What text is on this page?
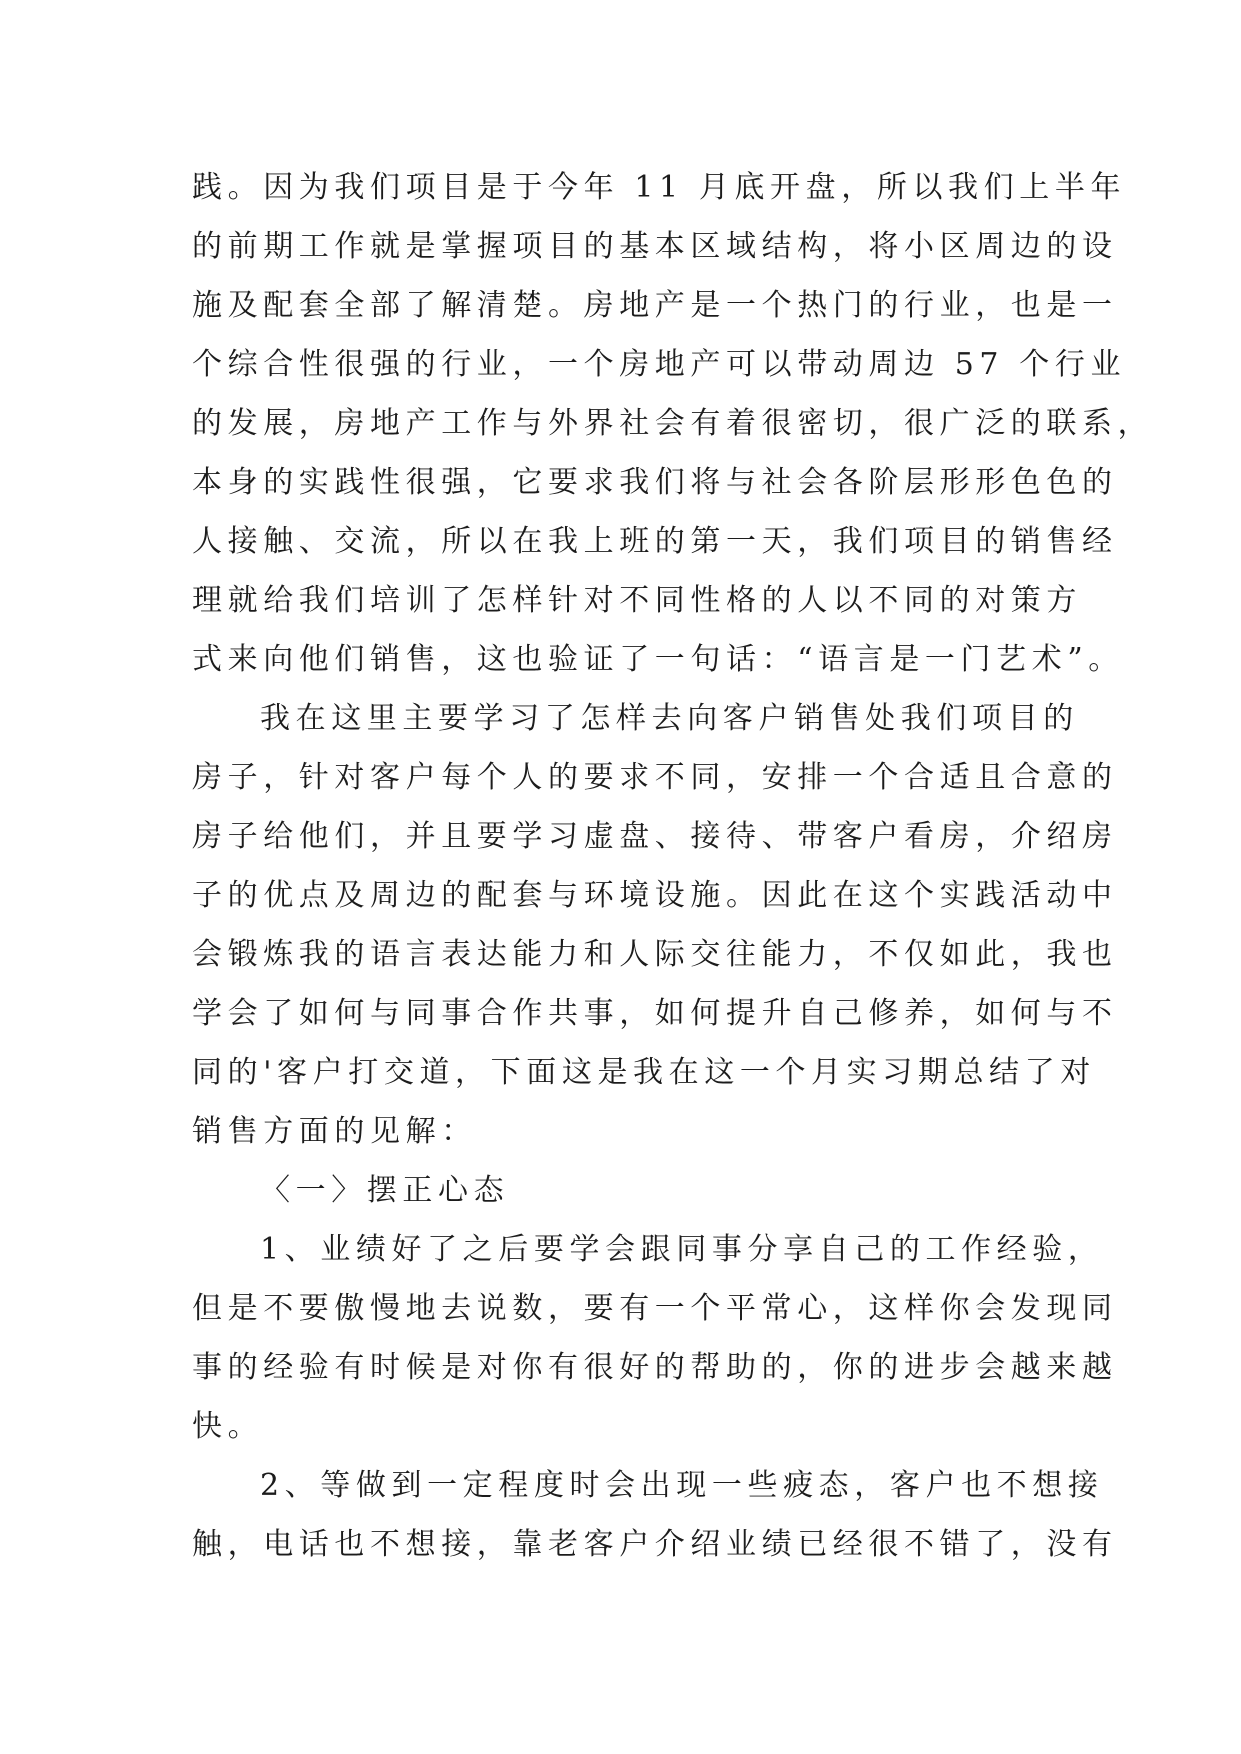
践。因为我们项目是于今年 11 月底开盘，所以我们上半年
的前期工作就是掌握项目的基本区域结构，将小区周边的设
施及配套全部了解清楚。房地产是一个热门的行业，也是一
个综合性很强的行业，一个房地产可以带动周边 57 个行业
的发展，房地产工作与外界社会有着很密切，很广泛的联系，
本身的实践性很强，它要求我们将与社会各阶层形形色色的
人接触、交流，所以在我上班的第一天，我们项目的销售经
理就给我们培训了怎样针对不同性格的人以不同的对策方
式来向他们销售，这也验证了一句话：“语言是一门艺术”。
我在这里主要学习了怎样去向客户销售处我们项目的
房子，针对客户每个人的要求不同，安排一个合适且合意的
房子给他们，并且要学习虚盘、接待、带客户看房，介绍房
子的优点及周边的配套与环境设施。因此在这个实践活动中
会锻炼我的语言表达能力和人际交往能力，不仅如此，我也
学会了如何与同事合作共事，如何提升自己修养，如何与不
同的'客户打交道，下面这是我在这一个月实习期总结了对
销售方面的见解：
〈一〉摆正心态
1、业绩好了之后要学会跟同事分享自己的工作经验，
但是不要傲慢地去说数，要有一个平常心，这样你会发现同
事的经验有时候是对你有很好的帮助的，你的进步会越来越
快。
2、等做到一定程度时会出现一些疲态，客户也不想接
触，电话也不想接，靠老客户介绍业绩已经很不错了，没有
